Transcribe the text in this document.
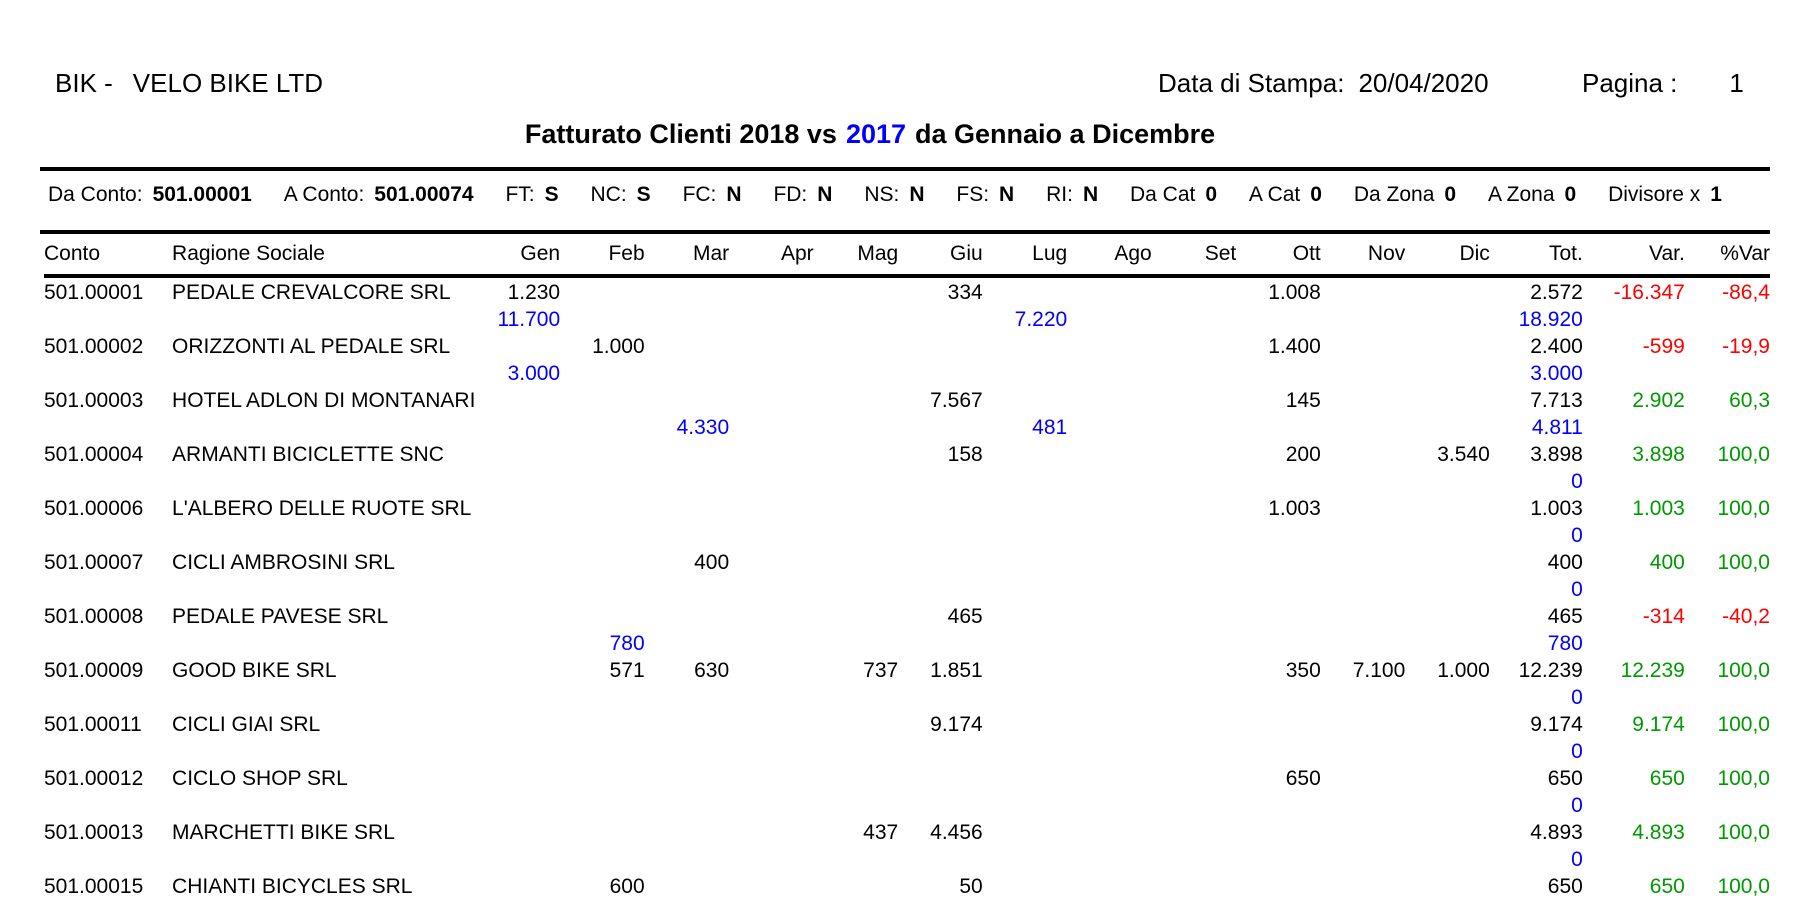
BIK - VELO BIKE LTD	Data di Stampa: 20/04/2020	Pagina : 1
Fatturato Clienti 2018 vs 2017 da Gennaio a Dicembre
Da Conto: 501.00001 A Conto: 501.00074 FT: S NC: S FC: N FD: N NS: N FS: N RI: N Da Cat 0 A Cat 0 Da Zona 0 A Zona 0 Divisore x 1
Conto	Ragione Sociale	Gen	Feb	Mar	Apr	Mag	Giu	Lug	Ago	Set	Ott	Nov	Dic	Tot.	Var.	%Var
501.00001	PEDALE CREVALCORE SRL	1.230					334				1.008			2.572	-16.347	-86,4
		11.700						7.220						18.920		
501.00002	ORIZZONTI AL PEDALE SRL		1.000								1.400			2.400	-599	-19,9
		3.000												3.000		
501.00003	HOTEL ADLON DI MONTANARI						7.567				145			7.713	2.902	60,3
				4.330				481						4.811		
501.00004	ARMANTI BICICLETTE SNC						158				200		3.540	3.898	3.898	100,0
														0		
501.00006	L'ALBERO DELLE RUOTE SRL										1.003			1.003	1.003	100,0
														0		
501.00007	CICLI AMBROSINI SRL			400										400	400	100,0
														0		
501.00008	PEDALE PAVESE SRL						465							465	-314	-40,2
			780											780		
501.00009	GOOD BIKE SRL		571	630		737	1.851				350	7.100	1.000	12.239	12.239	100,0
														0		
501.00011	CICLI GIAI SRL						9.174							9.174	9.174	100,0
														0		
501.00012	CICLO SHOP SRL										650			650	650	100,0
														0		
501.00013	MARCHETTI BIKE SRL					437	4.456							4.893	4.893	100,0
														0		
501.00015	CHIANTI BICYCLES SRL		600				50							650	650	100,0
